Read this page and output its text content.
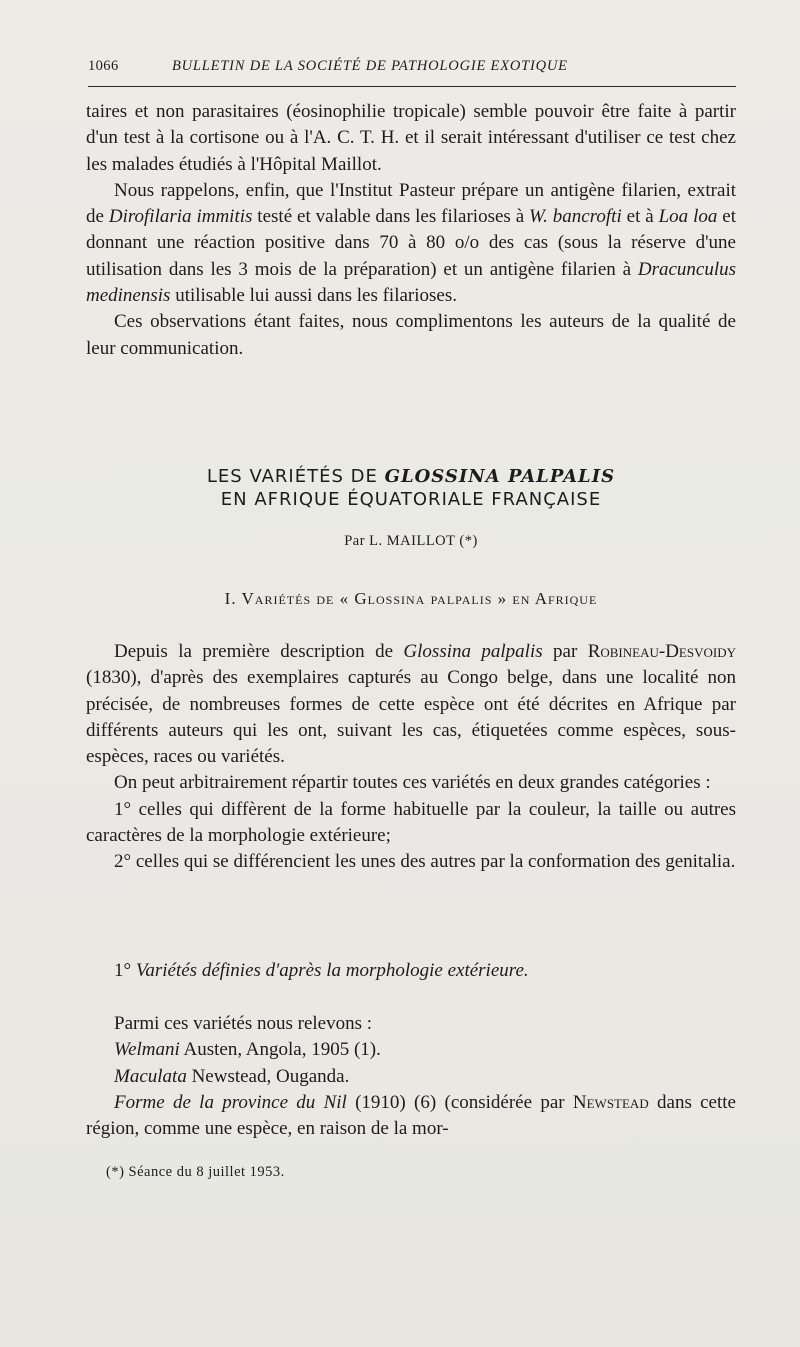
1066	BULLETIN DE LA SOCIÉTÉ DE PATHOLOGIE EXOTIQUE

taires et non parasitaires (éosinophilie tropicale) semble pouvoir être faite à partir d'un test à la cortisone ou à l'A. C. T. H. et il serait intéressant d'utiliser ce test chez les malades étudiés à l'Hôpital Maillot.

Nous rappelons, enfin, que l'Institut Pasteur prépare un antigène filarien, extrait de Dirofilaria immitis testé et valable dans les filarioses à W. bancrofti et à Loa loa et donnant une réaction positive dans 70 à 80 o/o des cas (sous la réserve d'une utilisation dans les 3 mois de la préparation) et un antigène filarien à Dracunculus medinensis utilisable lui aussi dans les filarioses.

Ces observations étant faites, nous complimentons les auteurs de la qualité de leur communication.

LES VARIÉTÉS DE GLOSSINA PALPALIS
EN AFRIQUE ÉQUATORIALE FRANÇAISE
Par L. MAILLOT (*)
I. Variétés de « Glossina palpalis » en Afrique

Depuis la première description de Glossina palpalis par Robineau-Desvoidy (1830), d'après des exemplaires capturés au Congo belge, dans une localité non précisée, de nombreuses formes de cette espèce ont été décrites en Afrique par différents auteurs qui les ont, suivant les cas, étiquetées comme espèces, sous-espèces, races ou variétés.

On peut arbitrairement répartir toutes ces variétés en deux grandes catégories :

1° celles qui diffèrent de la forme habituelle par la couleur, la taille ou autres caractères de la morphologie extérieure;

2° celles qui se différencient les unes des autres par la conformation des genitalia.

1° Variétés définies d'après la morphologie extérieure.

Parmi ces variétés nous relevons :

Welmani Austen, Angola, 1905 (1).

Maculata Newstead, Ouganda.

Forme de la province du Nil (1910) (6) (considérée par Newstead dans cette région, comme une espèce, en raison de la mor-

(*) Séance du 8 juillet 1953.
